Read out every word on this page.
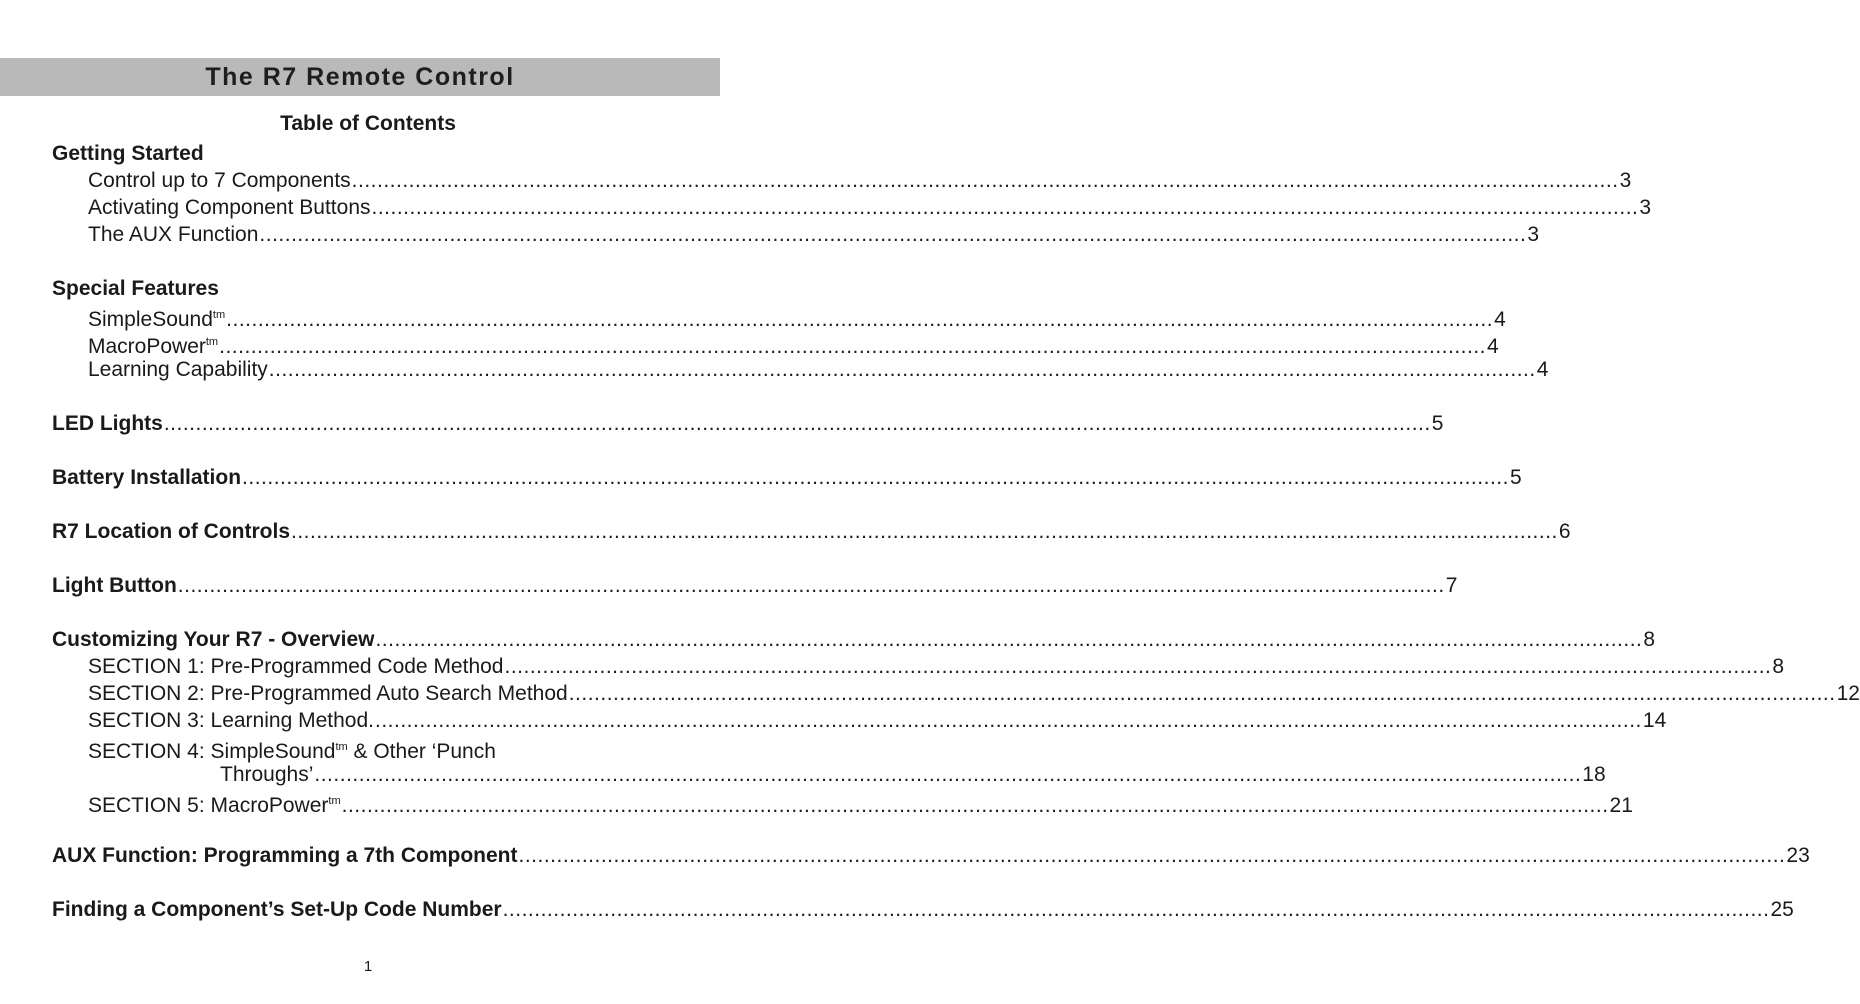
The R7 Remote Control
Table of Contents
Getting Started
Control up to 7 Components ........................................................................................................................................................................................................ 3
Activating Component Buttons ........................................................................................................................................................................................................ 3
The AUX Function ........................................................................................................................................................................................................ 3
Special Features
SimpleSound$^{tm}$ ........................................................................................................................................................................................................ 4
MacroPower$^{tm}$ ........................................................................................................................................................................................................ 4
Learning Capability ........................................................................................................................................................................................................ 4
LED Lights ........................................................................................................................................................................................................ 5
Battery Installation ........................................................................................................................................................................................................ 5
R7 Location of Controls ........................................................................................................................................................................................................ 6
Light Button ........................................................................................................................................................................................................ 7
Customizing Your R7 - Overview ........................................................................................................................................................................................................ 8
SECTION 1: Pre-Programmed Code Method ........................................................................................................................................................................................................ 8
SECTION 2: Pre-Programmed Auto Search Method ........................................................................................................................................................................................................ 12
SECTION 3: Learning Method. ........................................................................................................................................................................................................ 14
SECTION 4: SimpleSound$^{tm}$ & Other ‘Punch
Throughs’ ........................................................................................................................................................................................................ 18
SECTION 5: MacroPower$^{tm}$ ........................................................................................................................................................................................................ 21
AUX Function: Programming a 7th Component ........................................................................................................................................................................................................ 23
Finding a Component’s Set-Up Code Number ........................................................................................................................................................................................................ 25
1
